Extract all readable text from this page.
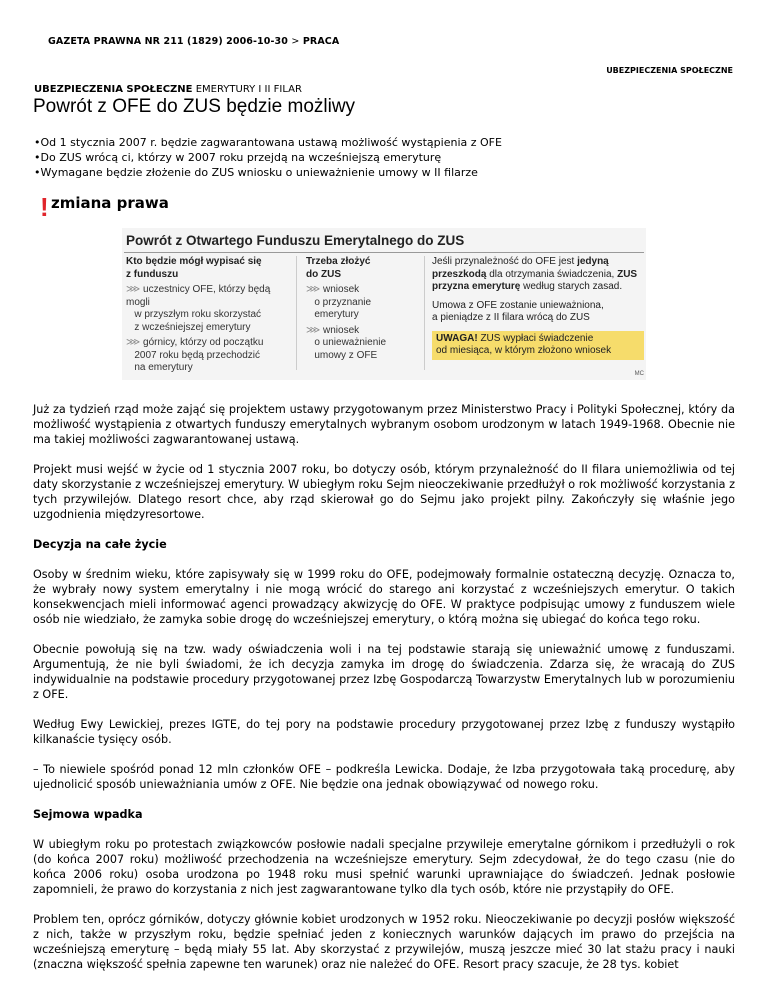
GAZETA PRAWNA NR 211 (1829) 2006-10-30 > PRACA
UBEZPIECZENIA SPOŁECZNE
UBEZPIECZENIA SPOŁECZNE EMERYTURY I II FILAR
Powrót z OFE do ZUS będzie możliwy
• Od 1 stycznia 2007 r. będzie zagwarantowana ustawą możliwość wystąpienia z OFE
• Do ZUS wrócą ci, którzy w 2007 roku przejdą na wcześniejszą emeryturę
• Wymagane będzie złożenie do ZUS wniosku o unieważnienie umowy w II filarze
! zmiana prawa
Powrót z Otwartego Funduszu Emerytalnego do ZUS
Kto będzie mógł wypisać się
z funduszu
⋙ uczestnicy OFE, którzy będą mogli
w przyszłym roku skorzystać
z wcześniejszej emerytury
⋙ górnicy, którzy od początku
2007 roku będą przechodzić
na emerytury
Trzeba złożyć
do ZUS
⋙ wniosek
o przyznanie
emerytury
⋙ wniosek
o unieważnienie
umowy z OFE

Jeśli przynależność do OFE jest jedyną
przeszkodą dla otrzymania świadczenia, ZUS
przyzna emeryturę według starych zasad.

Umowa z OFE zostanie unieważniona,
a pieniądze z II filara wrócą do ZUS

UWAGA! ZUS wypłaci świadczenie
od miesiąca, w którym złożono wniosek
MC

Już za tydzień rząd może zająć się projektem ustawy przygotowanym przez Ministerstwo Pracy i Polityki Społecznej, który da możliwość wystąpienia z otwartych funduszy emerytalnych wybranym osobom urodzonym w latach 1949-1968. Obecnie nie ma takiej możliwości zagwarantowanej ustawą.

Projekt musi wejść w życie od 1 stycznia 2007 roku, bo dotyczy osób, którym przynależność do II filara uniemożliwia od tej daty skorzystanie z wcześniejszej emerytury. W ubiegłym roku Sejm nieoczekiwanie przedłużył o rok możliwość korzystania z tych przywilejów. Dlatego resort chce, aby rząd skierował go do Sejmu jako projekt pilny. Zakończyły się właśnie jego uzgodnienia międzyresortowe.

Decyzja na całe życie

Osoby w średnim wieku, które zapisywały się w 1999 roku do OFE, podejmowały formalnie ostateczną decyzję. Oznacza to, że wybrały nowy system emerytalny i nie mogą wrócić do starego ani korzystać z wcześniejszych emerytur. O takich konsekwencjach mieli informować agenci prowadzący akwizycję do OFE. W praktyce podpisując umowy z funduszem wiele osób nie wiedziało, że zamyka sobie drogę do wcześniejszej emerytury, o którą można się ubiegać do końca tego roku.

Obecnie powołują się na tzw. wady oświadczenia woli i na tej podstawie starają się unieważnić umowę z funduszami. Argumentują, że nie byli świadomi, że ich decyzja zamyka im drogę do świadczenia. Zdarza się, że wracają do ZUS indywidualnie na podstawie procedury przygotowanej przez Izbę Gospodarczą Towarzystw Emerytalnych lub w porozumieniu z OFE.

Według Ewy Lewickiej, prezes IGTE, do tej pory na podstawie procedury przygotowanej przez Izbę z funduszy wystąpiło kilkanaście tysięcy osób.

– To niewiele spośród ponad 12 mln członków OFE – podkreśla Lewicka. Dodaje, że Izba przygotowała taką procedurę, aby ujednolicić sposób unieważniania umów z OFE. Nie będzie ona jednak obowiązywać od nowego roku.

Sejmowa wpadka

W ubiegłym roku po protestach związkowców posłowie nadali specjalne przywileje emerytalne górnikom i przedłużyli o rok (do końca 2007 roku) możliwość przechodzenia na wcześniejsze emerytury. Sejm zdecydował, że do tego czasu (nie do końca 2006 roku) osoba urodzona po 1948 roku musi spełnić warunki uprawniające do świadczeń. Jednak posłowie zapomnieli, że prawo do korzystania z nich jest zagwarantowane tylko dla tych osób, które nie przystąpiły do OFE.

Problem ten, oprócz górników, dotyczy głównie kobiet urodzonych w 1952 roku. Nieoczekiwanie po decyzji posłów większość z nich, także w przyszłym roku, będzie spełniać jeden z koniecznych warunków dających im prawo do przejścia na wcześniejszą emeryturę – będą miały 55 lat. Aby skorzystać z przywilejów, muszą jeszcze mieć 30 lat stażu pracy i nauki (znaczna większość spełnia zapewne ten warunek) oraz nie należeć do OFE. Resort pracy szacuje, że 28 tys. kobiet
